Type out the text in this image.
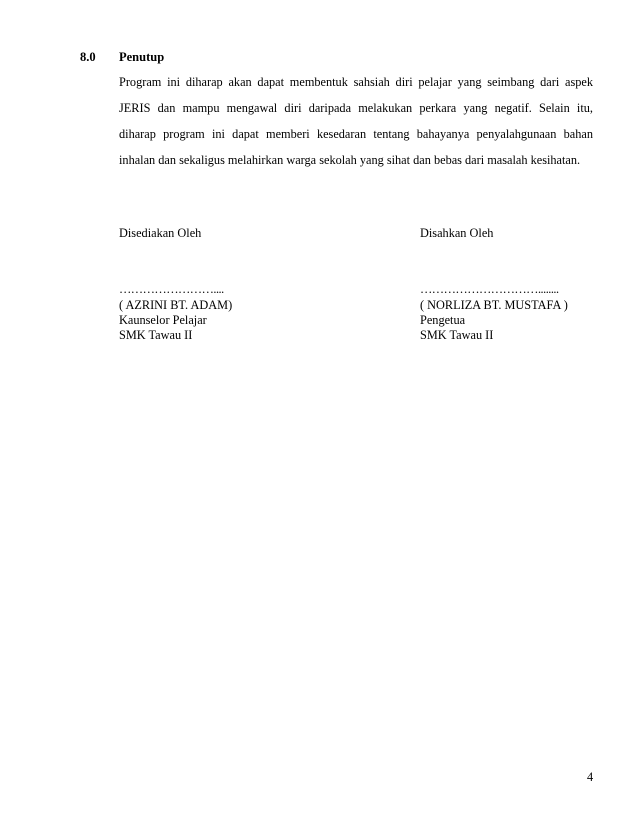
8.0 Penutup
Program ini diharap akan dapat membentuk sahsiah diri pelajar yang seimbang dari aspek
JERIS dan mampu mengawal diri daripada melakukan perkara yang negatif. Selain itu,
diharap program ini dapat memberi kesedaran tentang bahayanya penyalahgunaan bahan
inhalan dan sekaligus melahirkan warga sekolah yang sihat dan bebas dari masalah kesihatan.
Disediakan Oleh
……………………....
( AZRINI BT. ADAM)
Kaunselor Pelajar
SMK Tawau II
Disahkan Oleh
…………………………........
( NORLIZA BT. MUSTAFA )
Pengetua
SMK Tawau II
4
